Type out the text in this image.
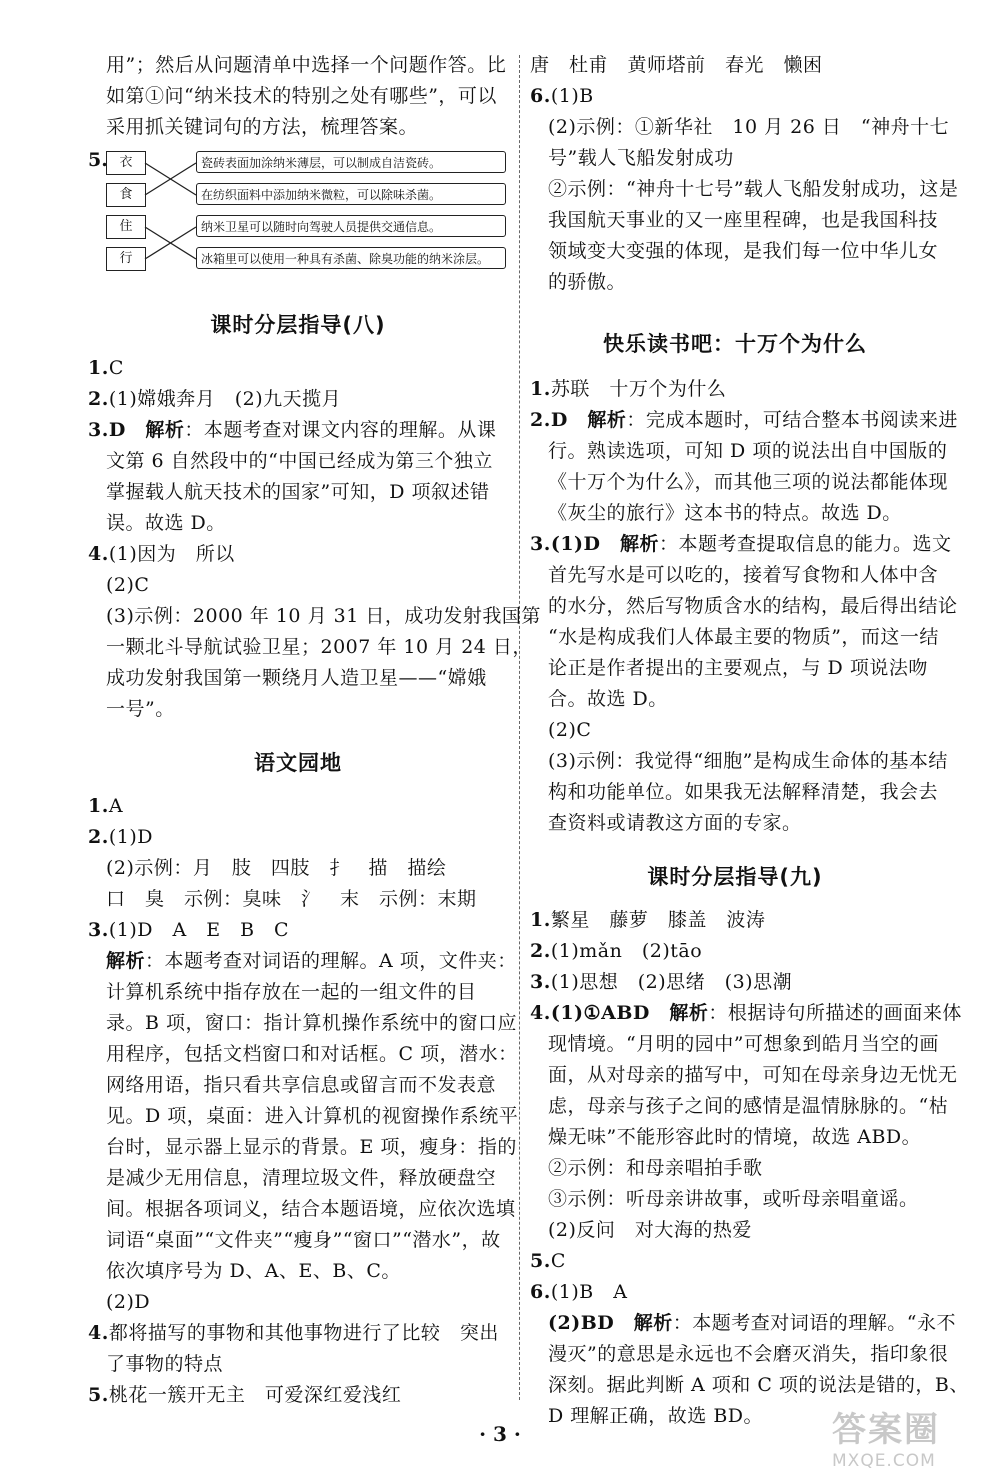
用”；然后从问题清单中选择一个问题作答。比
如第①问“纳米技术的特别之处有哪些”，可以
采用抓关键词句的方法，梳理答案。
5. 衣
食
住
行
瓷砖表面加涂纳米薄层，可以制成自洁瓷砖。
在纺织面料中添加纳米微粒，可以除味杀菌。
纳米卫星可以随时向驾驶人员提供交通信息。
冰箱里可以使用一种具有杀菌、除臭功能的纳米涂层。
课时分层指导(八)
1.C
2.(1)嫦娥奔月　(2)九天揽月
3.D　解析：本题考查对课文内容的理解。从课
文第 6 自然段中的“中国已经成为第三个独立
掌握载人航天技术的国家”可知，D 项叙述错
误。故选 D。
4.(1)因为　所以
(2)C
(3)示例：2000 年 10 月 31 日，成功发射我国第
一颗北斗导航试验卫星；2007 年 10 月 24 日，
成功发射我国第一颗绕月人造卫星——“嫦娥
一号”。
语文园地
1.A
2.(1)D
(2)示例：月　肢　四肢　扌　描　描绘
口　臭　示例：臭味　氵　末　示例：末期
3.(1)D　A　E　B　C
解析：本题考查对词语的理解。A 项，文件夹：
计算机系统中指存放在一起的一组文件的目
录。B 项，窗口：指计算机操作系统中的窗口应
用程序，包括文档窗口和对话框。C 项，潜水：
网络用语，指只看共享信息或留言而不发表意
见。D 项，桌面：进入计算机的视窗操作系统平
台时，显示器上显示的背景。E 项，瘦身：指的
是减少无用信息，清理垃圾文件，释放硬盘空
间。根据各项词义，结合本题语境，应依次选填
词语“桌面”“文件夹”“瘦身”“窗口”“潜水”，故
依次填序号为 D、A、E、B、C。
(2)D
4.都将描写的事物和其他事物进行了比较　突出
了事物的特点
5.桃花一簇开无主　可爱深红爱浅红
唐　杜甫　黄师塔前　春光　懒困
6.(1)B
(2)示例：①新华社　10 月 26 日　“神舟十七
号”载人飞船发射成功
②示例：“神舟十七号”载人飞船发射成功，这是
我国航天事业的又一座里程碑，也是我国科技
领域变大变强的体现，是我们每一位中华儿女
的骄傲。
快乐读书吧：十万个为什么
1.苏联　十万个为什么
2.D　解析：完成本题时，可结合整本书阅读来进
行。熟读选项，可知 D 项的说法出自中国版的
《十万个为什么》，而其他三项的说法都能体现
《灰尘的旅行》这本书的特点。故选 D。
3.(1)D　解析：本题考查提取信息的能力。选文
首先写水是可以吃的，接着写食物和人体中含
的水分，然后写物质含水的结构，最后得出结论
“水是构成我们人体最主要的物质”，而这一结
论正是作者提出的主要观点，与 D 项说法吻
合。故选 D。
(2)C
(3)示例：我觉得“细胞”是构成生命体的基本结
构和功能单位。如果我无法解释清楚，我会去
查资料或请教这方面的专家。
课时分层指导(九)
1.繁星　藤萝　膝盖　波涛
2.(1)mǎn　(2)tāo
3.(1)思想　(2)思绪　(3)思潮
4.(1)①ABD　解析：根据诗句所描述的画面来体
现情境。“月明的园中”可想象到皓月当空的画
面，从对母亲的描写中，可知在母亲身边无忧无
虑，母亲与孩子之间的感情是温情脉脉的。“枯
燥无味”不能形容此时的情境，故选 ABD。
②示例：和母亲唱拍手歌
③示例：听母亲讲故事，或听母亲唱童谣。
(2)反问　对大海的热爱
5.C
6.(1)B　A
(2)BD　解析：本题考查对词语的理解。“永不
漫灭”的意思是永远也不会磨灭消失，指印象很
深刻。据此判断 A 项和 C 项的说法是错的，B、
D 理解正确，故选 BD。
· 3 ·	答案圈
MXQE.COM
